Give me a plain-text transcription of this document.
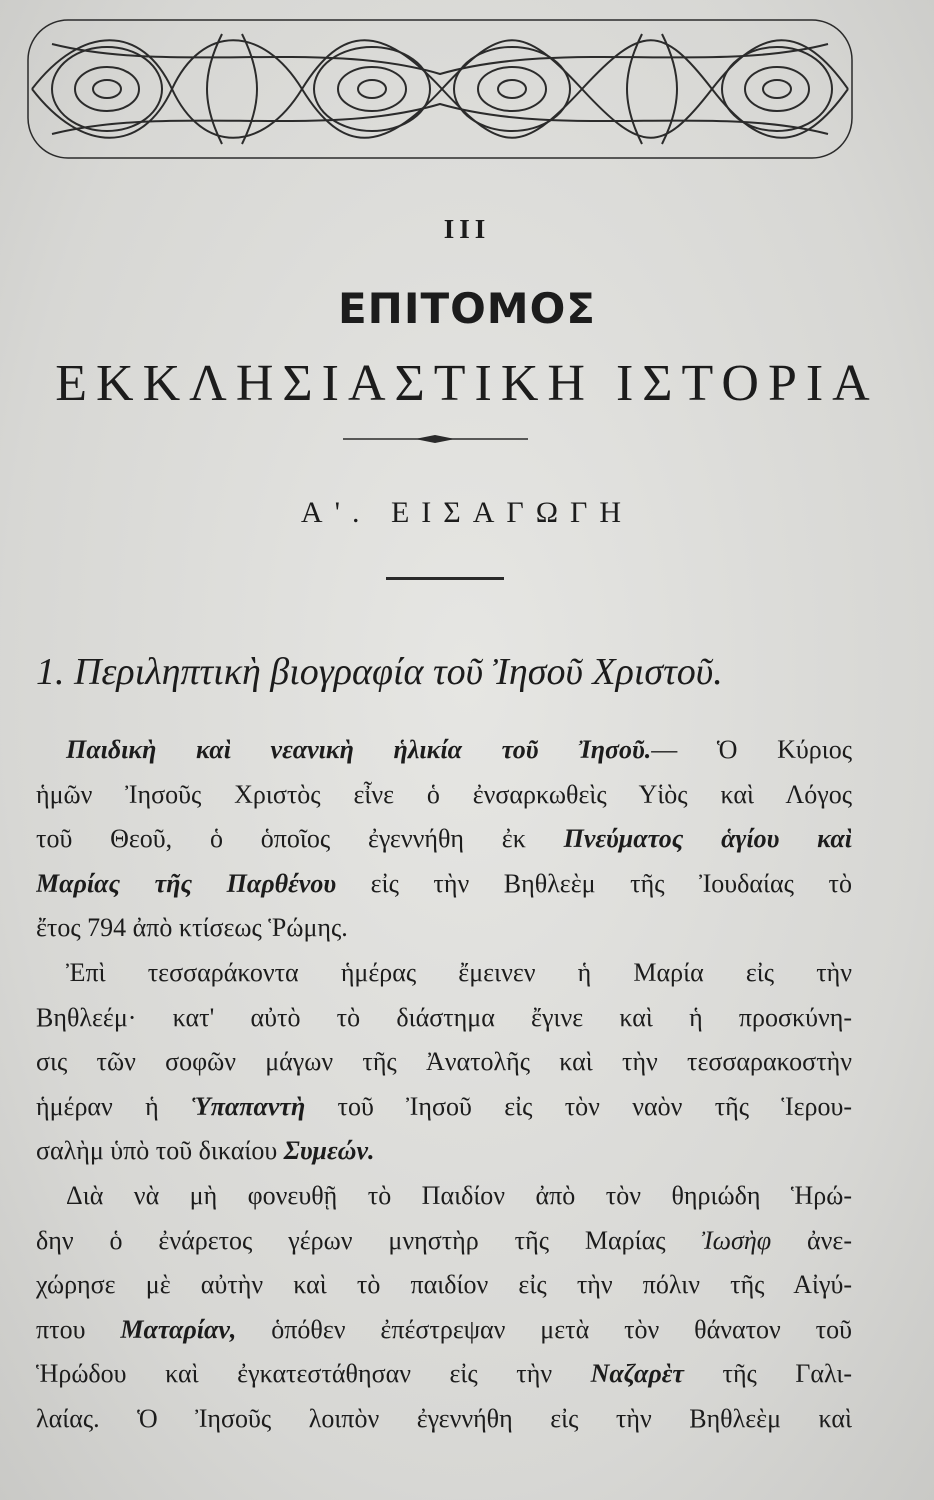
III
ΕΠΙΤΟΜΟΣ
ΕΚΚΛΗΣΙΑΣΤΙΚΗ ΙΣΤΟΡΙΑ
Α'. ΕΙΣΑΓΩΓΗ
1. Περιληπτικὴ βιογραφία τοῦ Ἰησοῦ Χριστοῦ.
Παιδικὴ καὶ νεανικὴ ἡλικία τοῦ Ἰησοῦ.— Ὁ Κύριος
ἡμῶν Ἰησοῦς Χριστὸς εἶνε ὁ ἐνσαρκωθεὶς Υἱὸς καὶ Λόγος
τοῦ Θεοῦ, ὁ ὁποῖος ἐγεννήθη ἐκ Πνεύματος ἁγίου καὶ
Μαρίας τῆς Παρθένου εἰς τὴν Βηθλεὲμ τῆς Ἰουδαίας τὸ
ἔτος 794 ἀπὸ κτίσεως Ῥώμης.
Ἐπὶ τεσσαράκοντα ἡμέρας ἔμεινεν ἡ Μαρία εἰς τὴν
Βηθλεέμ· κατ' αὐτὸ τὸ διάστημα ἔγινε καὶ ἡ προσκύνη-
σις τῶν σοφῶν μάγων τῆς Ἀνατολῆς καὶ τὴν τεσσαρακοστὴν
ἡμέραν ἡ Ὑπαπαντὴ τοῦ Ἰησοῦ εἰς τὸν ναὸν τῆς Ἱερου-
σαλὴμ ὑπὸ τοῦ δικαίου Συμεών.
Διὰ νὰ μὴ φονευθῇ τὸ Παιδίον ἀπὸ τὸν θηριώδη Ἡρώ-
δην ὁ ἐνάρετος γέρων μνηστὴρ τῆς Μαρίας Ἰωσὴφ ἀνε-
χώρησε μὲ αὐτὴν καὶ τὸ παιδίον εἰς τὴν πόλιν τῆς Αἰγύ-
πτου Ματαρίαν, ὁπόθεν ἐπέστρεψαν μετὰ τὸν θάνατον τοῦ
Ἡρώδου καὶ ἐγκατεστάθησαν εἰς τὴν Ναζαρὲτ τῆς Γαλι-
λαίας. Ὁ Ἰησοῦς λοιπὸν ἐγεννήθη εἰς τὴν Βηθλεὲμ καὶ
